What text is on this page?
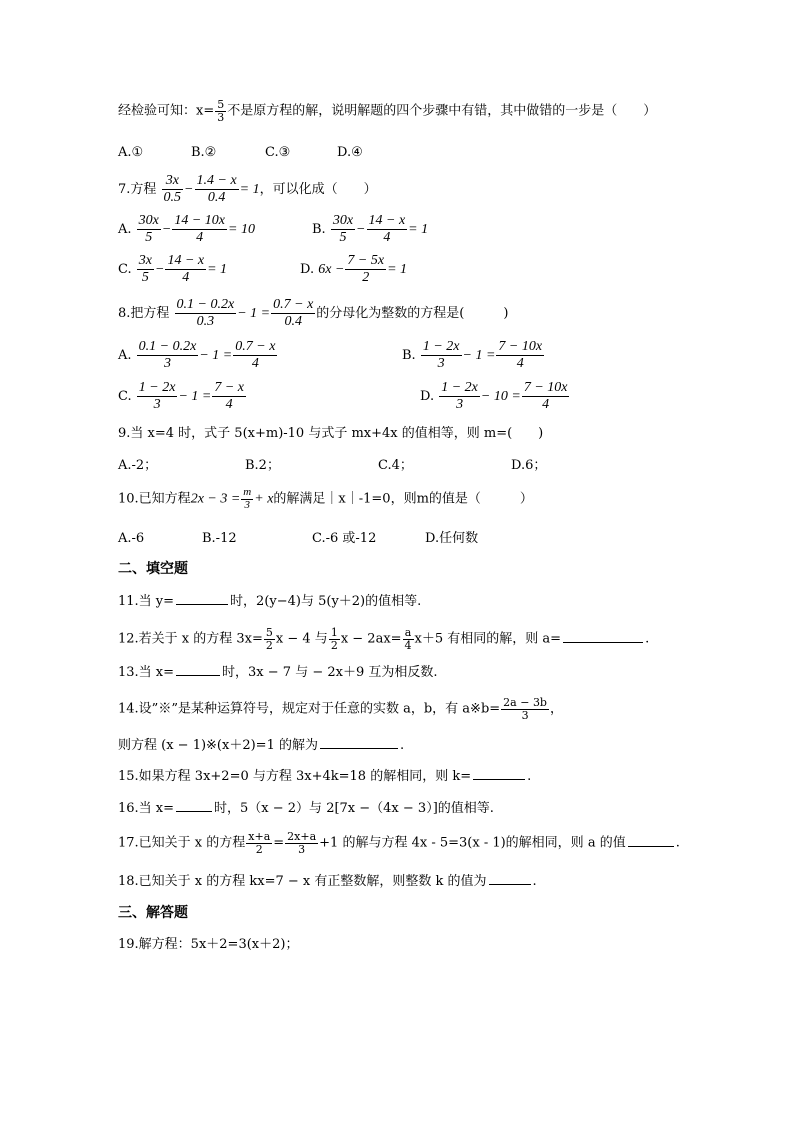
经检验可知：$x= \frac{5}{3}$ 不是原方程的解，说明解题的四个步骤中有错，其中做错的一步是（　　）
A.①	B.②	C.③	D.④
7.方程 $\frac{3x}{0.5} - \frac{1.4 - x}{0.4} = 1$，可以化成（　　）
A. $\frac{30x}{5} - \frac{14 - 10x}{4} = 10$	B. $\frac{30x}{5} - \frac{14 - x}{4} = 1$
C. $\frac{3x}{5} - \frac{14 - x}{4} = 1$	D. $6x - \frac{7 - 5x}{2} = 1$
8.把方程 $\frac{0.1 - 0.2x}{0.3} - 1 = \frac{0.7 - x}{0.4}$ 的分母化为整数的方程是(　　　)
A. $\frac{0.1 - 0.2x}{3} - 1 = \frac{0.7 - x}{4}$	B. $\frac{1 - 2x}{3} - 1 = \frac{7 - 10x}{4}$
C. $\frac{1 - 2x}{3} - 1 = \frac{7 - x}{4}$	D. $\frac{1 - 2x}{3} - 10 = \frac{7 - 10x}{4}$
9.当 x=4 时，式子 5(x+m)-10 与式子 mx+4x 的值相等，则 m=(　　)
A.-2；	B.2；	C.4；	D.6；
10.已知方程$2x - 3 = \frac{m}{3} + x$的解满足｜x｜-1=0，则m的值是（　　　）
A.-6	B.-12	C.-6 或-12	D.任何数
二、填空题
11.当 y=	时，2(y−4)与 5(y＋2)的值相等.
12.若关于 x 的方程 $3x= \frac{5}{2}$ x − 4 与 $\frac{1}{2}$ $x - 2ax= \frac{a}{4} x+5$ 有相同的解，则 a=	.
13.当 x=	时，3x − 7 与 − 2x＋9 互为相反数.
14.设”※”是某种运算符号，规定对于任意的实数 a，b，有 a※b= $\frac{2a - 3b}{3}$ ，
则方程 (x − 1)※(x＋2)=1 的解为	.
15.如果方程 3x+2=0 与方程 3x+4k=18 的解相同，则 k=	.
16.当 x=	时，5（x − 2）与 2[7x −（4x − 3）]的值相等.
17.已知关于 x 的方程 $\frac{x+a}{2} = \frac{2x+a}{3} +1$ 的解与方程 4x - 5=3(x - 1)的解相同，则 a 的值	.
18.已知关于 x 的方程 kx=7 − x 有正整数解，则整数 k 的值为	.
三、解答题
19.解方程：5x＋2=3(x＋2)；
